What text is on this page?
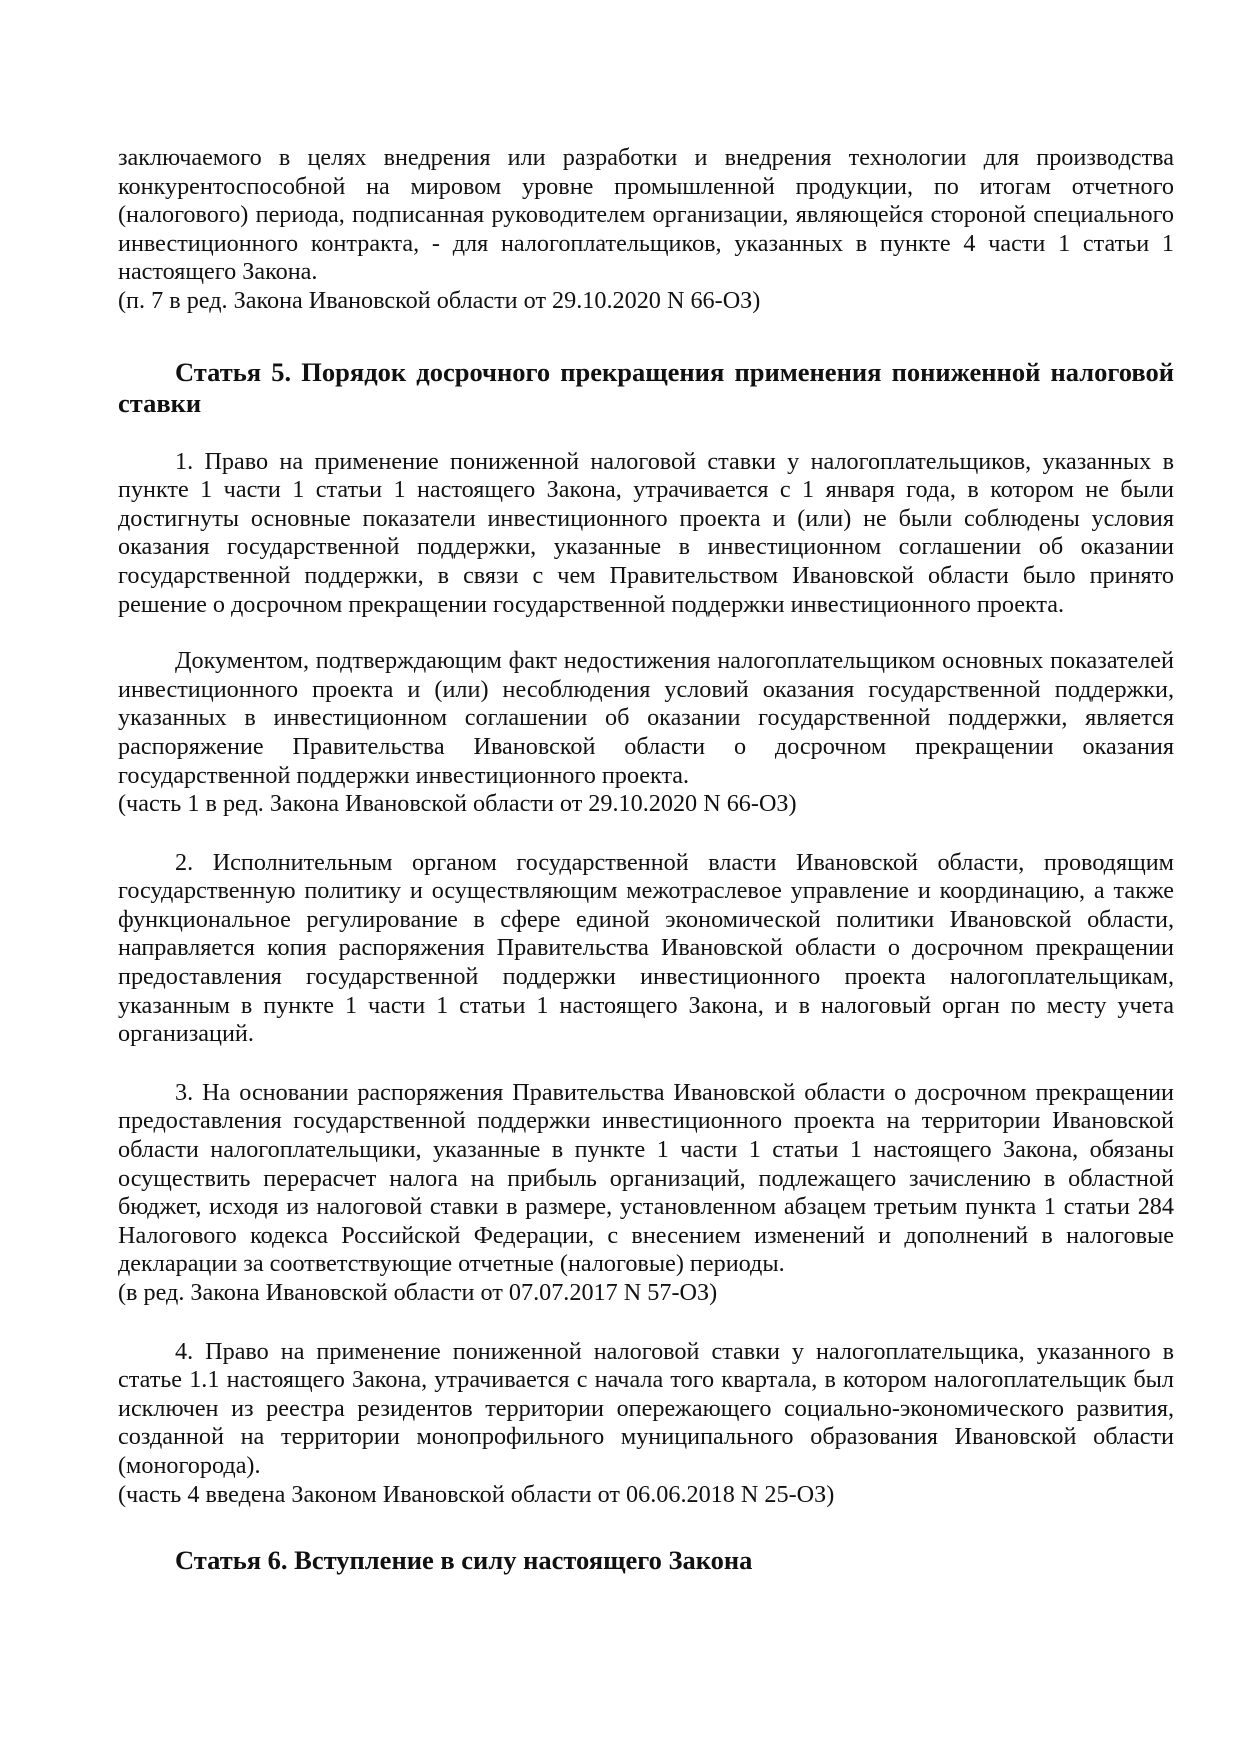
заключаемого в целях внедрения или разработки и внедрения технологии для производства конкурентоспособной на мировом уровне промышленной продукции, по итогам отчетного (налогового) периода, подписанная руководителем организации, являющейся стороной специального инвестиционного контракта, - для налогоплательщиков, указанных в пункте 4 части 1 статьи 1 настоящего Закона.

(п. 7 в ред. Закона Ивановской области от 29.10.2020 N 66-ОЗ)

Статья 5. Порядок досрочного прекращения применения пониженной налоговой ставки

1. Право на применение пониженной налоговой ставки у налогоплательщиков, указанных в пункте 1 части 1 статьи 1 настоящего Закона, утрачивается с 1 января года, в котором не были достигнуты основные показатели инвестиционного проекта и (или) не были соблюдены условия оказания государственной поддержки, указанные в инвестиционном соглашении об оказании государственной поддержки, в связи с чем Правительством Ивановской области было принято решение о досрочном прекращении государственной поддержки инвестиционного проекта.

Документом, подтверждающим факт недостижения налогоплательщиком основных показателей инвестиционного проекта и (или) несоблюдения условий оказания государственной поддержки, указанных в инвестиционном соглашении об оказании государственной поддержки, является распоряжение Правительства Ивановской области о досрочном прекращении оказания государственной поддержки инвестиционного проекта.

(часть 1 в ред. Закона Ивановской области от 29.10.2020 N 66-ОЗ)

2. Исполнительным органом государственной власти Ивановской области, проводящим государственную политику и осуществляющим межотраслевое управление и координацию, а также функциональное регулирование в сфере единой экономической политики Ивановской области, направляется копия распоряжения Правительства Ивановской области о досрочном прекращении предоставления государственной поддержки инвестиционного проекта налогоплательщикам, указанным в пункте 1 части 1 статьи 1 настоящего Закона, и в налоговый орган по месту учета организаций.

3. На основании распоряжения Правительства Ивановской области о досрочном прекращении предоставления государственной поддержки инвестиционного проекта на территории Ивановской области налогоплательщики, указанные в пункте 1 части 1 статьи 1 настоящего Закона, обязаны осуществить перерасчет налога на прибыль организаций, подлежащего зачислению в областной бюджет, исходя из налоговой ставки в размере, установленном абзацем третьим пункта 1 статьи 284 Налогового кодекса Российской Федерации, с внесением изменений и дополнений в налоговые декларации за соответствующие отчетные (налоговые) периоды.

(в ред. Закона Ивановской области от 07.07.2017 N 57-ОЗ)

4. Право на применение пониженной налоговой ставки у налогоплательщика, указанного в статье 1.1 настоящего Закона, утрачивается с начала того квартала, в котором налогоплательщик был исключен из реестра резидентов территории опережающего социально-экономического развития, созданной на территории монопрофильного муниципального образования Ивановской области (моногорода).

(часть 4 введена Законом Ивановской области от 06.06.2018 N 25-ОЗ)

Статья 6. Вступление в силу настоящего Закона
